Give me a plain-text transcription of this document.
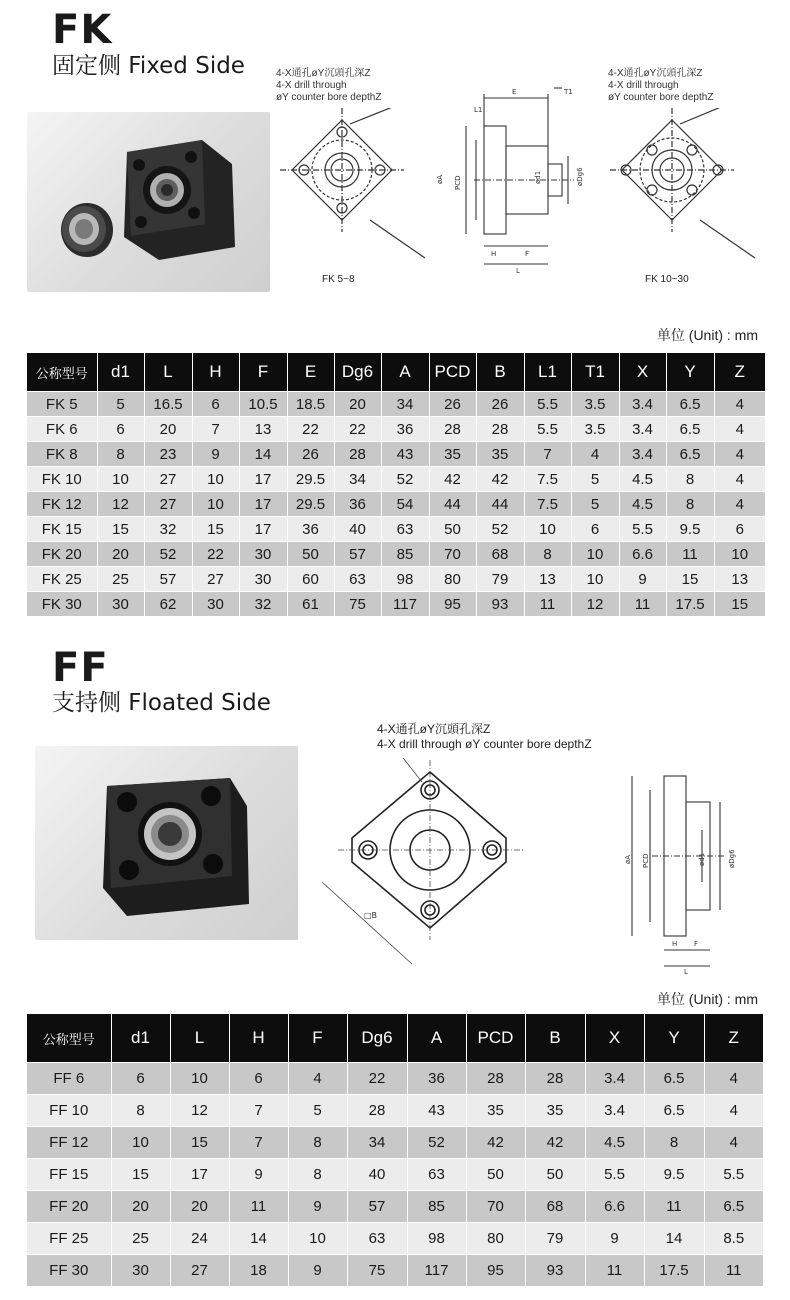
FK
固定侧 Fixed Side	4-X通孔øY沉頭孔深Z
4-X drill through
øY counter bore depthZ
FK 5~8
E	T1
L1
PCD
øA	ød1	øDg6
H	F
L
4-X通孔øY沉頭孔深Z
4-X drill through
øY counter bore depthZ
FK 10~30
单位 (Unit) : mm
公称型号	d1	L	H	F	E	Dg6	A	PCD	B	L1	T1	X	Y	Z
FK 5	5	16.5	6	10.5	18.5	20	34	26	26	5.5	3.5	3.4	6.5	4
FK 6	6	20	7	13	22	22	36	28	28	5.5	3.5	3.4	6.5	4
FK 8	8	23	9	14	26	28	43	35	35	7	4	3.4	6.5	4
FK 10	10	27	10	17	29.5	34	52	42	42	7.5	5	4.5	8	4
FK 12	12	27	10	17	29.5	36	54	44	44	7.5	5	4.5	8	4
FK 15	15	32	15	17	36	40	63	50	52	10	6	5.5	9.5	6
FK 20	20	52	22	30	50	57	85	70	68	8	10	6.6	11	10
FK 25	25	57	27	30	60	63	98	80	79	13	10	9	15	13
FK 30	30	62	30	32	61	75	117	95	93	11	12	11	17.5	15
FF
支持侧 Floated Side
4-X通孔øY沉頭孔深Z
4-X drill through øY counter bore depthZ
□B
øA PCD	ød1	øDg6
H F
L
单位 (Unit) : mm
公称型号	d1	L	H	F	Dg6	A	PCD	B	X	Y	Z
FF 6	6	10	6	4	22	36	28	28	3.4	6.5	4
FF 10	8	12	7	5	28	43	35	35	3.4	6.5	4
FF 12	10	15	7	8	34	52	42	42	4.5	8	4
FF 15	15	17	9	8	40	63	50	50	5.5	9.5	5.5
FF 20	20	20	11	9	57	85	70	68	6.6	11	6.5
FF 25	25	24	14	10	63	98	80	79	9	14	8.5
FF 30	30	27	18	9	75	117	95	93	11	17.5	11
